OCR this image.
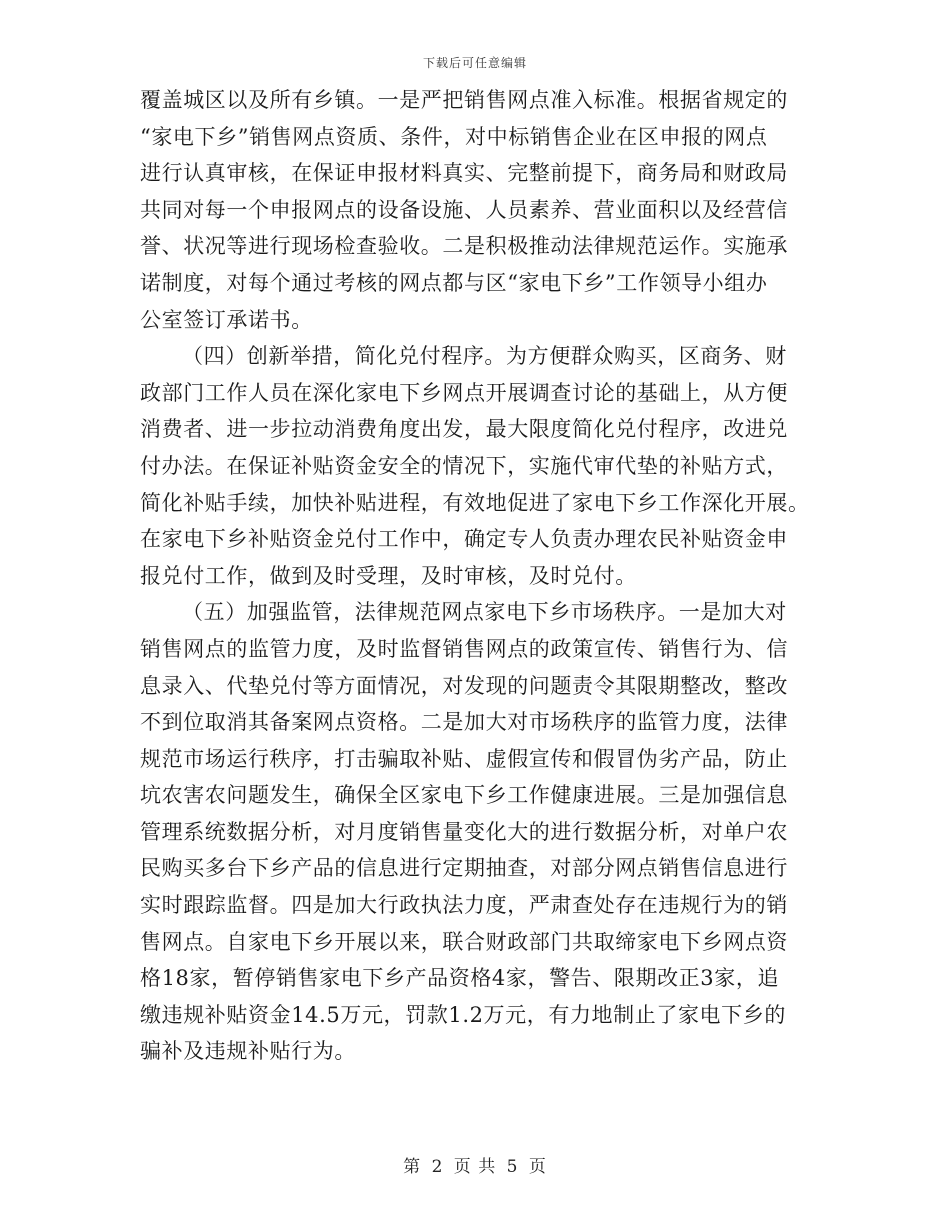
下载后可任意编辑
覆盖城区以及所有乡镇。一是严把销售网点准入标准。根据省规定的
“家电下乡”销售网点资质、条件，对中标销售企业在区申报的网点
进行认真审核，在保证申报材料真实、完整前提下，商务局和财政局
共同对每一个申报网点的设备设施、人员素养、营业面积以及经营信
誉、状况等进行现场检查验收。二是积极推动法律规范运作。实施承
诺制度，对每个通过考核的网点都与区“家电下乡”工作领导小组办
公室签订承诺书。
（四）创新举措，简化兑付程序。为方便群众购买，区商务、财
政部门工作人员在深化家电下乡网点开展调查讨论的基础上，从方便
消费者、进一步拉动消费角度出发，最大限度简化兑付程序，改进兑
付办法。在保证补贴资金安全的情况下，实施代审代垫的补贴方式，
简化补贴手续，加快补贴进程，有效地促进了家电下乡工作深化开展。
在家电下乡补贴资金兑付工作中，确定专人负责办理农民补贴资金申
报兑付工作，做到及时受理，及时审核，及时兑付。
（五）加强监管，法律规范网点家电下乡市场秩序。一是加大对
销售网点的监管力度，及时监督销售网点的政策宣传、销售行为、信
息录入、代垫兑付等方面情况，对发现的问题责令其限期整改，整改
不到位取消其备案网点资格。二是加大对市场秩序的监管力度，法律
规范市场运行秩序，打击骗取补贴、虚假宣传和假冒伪劣产品，防止
坑农害农问题发生，确保全区家电下乡工作健康进展。三是加强信息
管理系统数据分析，对月度销售量变化大的进行数据分析，对单户农
民购买多台下乡产品的信息进行定期抽查，对部分网点销售信息进行
实时跟踪监督。四是加大行政执法力度，严肃查处存在违规行为的销
售网点。自家电下乡开展以来，联合财政部门共取缔家电下乡网点资
格18家，暂停销售家电下乡产品资格4家，警告、限期改正3家，追
缴违规补贴资金14.5万元，罚款1.2万元，有力地制止了家电下乡的
骗补及违规补贴行为。
第 2 页 共 5 页
